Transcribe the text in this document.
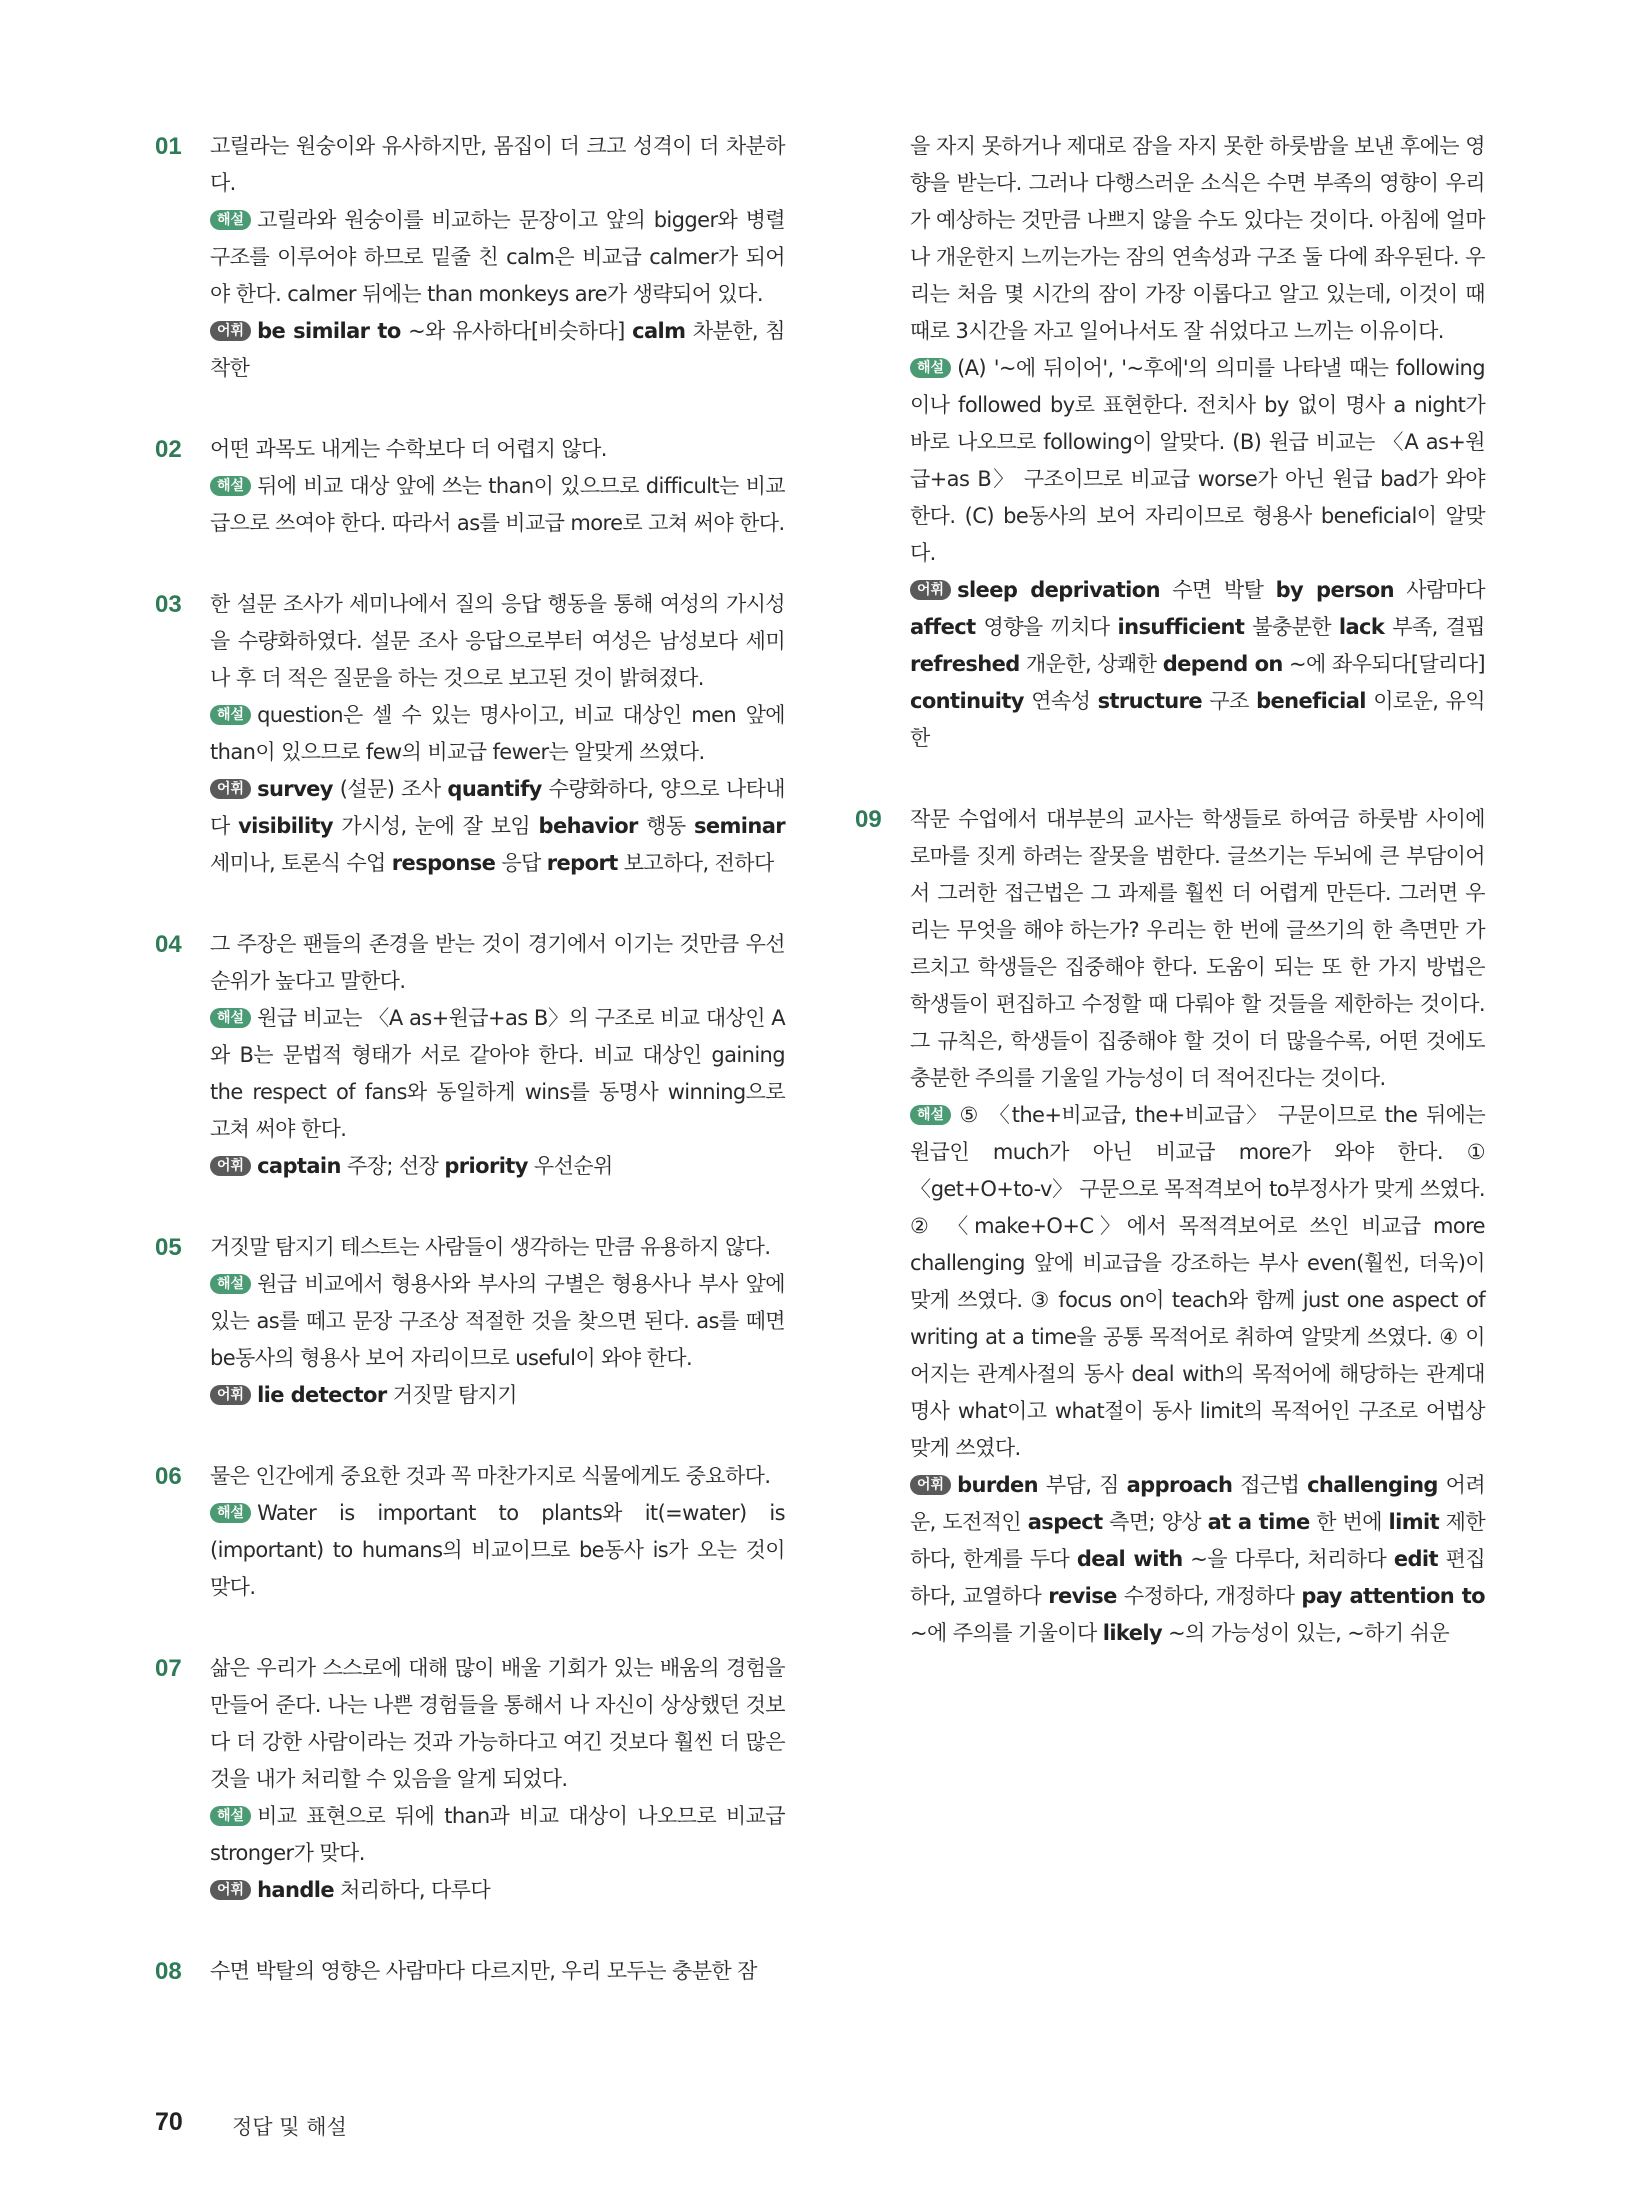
01 고릴라는 원숭이와 유사하지만, 몸집이 더 크고 성격이 더 차분하다.

해설 고릴라와 원숭이를 비교하는 문장이고 앞의 bigger와 병렬 구조를 이루어야 하므로 밑줄 친 calm은 비교급 calmer가 되어야 한다. calmer 뒤에는 than monkeys are가 생략되어 있다.

어휘 be similar to ~와 유사하다[비슷하다] calm 차분한, 침착한

02 어떤 과목도 내게는 수학보다 더 어렵지 않다.

해설 뒤에 비교 대상 앞에 쓰는 than이 있으므로 difficult는 비교급으로 쓰여야 한다. 따라서 as를 비교급 more로 고쳐 써야 한다.

03 한 설문 조사가 세미나에서 질의 응답 행동을 통해 여성의 가시성을 수량화하였다. 설문 조사 응답으로부터 여성은 남성보다 세미나 후 더 적은 질문을 하는 것으로 보고된 것이 밝혀졌다.

해설 question은 셀 수 있는 명사이고, 비교 대상인 men 앞에 than이 있으므로 few의 비교급 fewer는 알맞게 쓰였다.

어휘 survey (설문) 조사 quantify 수량화하다, 양으로 나타내다 visibility 가시성, 눈에 잘 보임 behavior 행동 seminar 세미나, 토론식 수업 response 응답 report 보고하다, 전하다

04 그 주장은 팬들의 존경을 받는 것이 경기에서 이기는 것만큼 우선순위가 높다고 말한다.

해설 원급 비교는 〈A as+원급+as B〉의 구조로 비교 대상인 A와 B는 문법적 형태가 서로 같아야 한다. 비교 대상인 gaining the respect of fans와 동일하게 wins를 동명사 winning으로 고쳐 써야 한다.

어휘 captain 주장; 선장 priority 우선순위

05 거짓말 탐지기 테스트는 사람들이 생각하는 만큼 유용하지 않다.

해설 원급 비교에서 형용사와 부사의 구별은 형용사나 부사 앞에 있는 as를 떼고 문장 구조상 적절한 것을 찾으면 된다. as를 떼면 be동사의 형용사 보어 자리이므로 useful이 와야 한다.

어휘 lie detector 거짓말 탐지기

06 물은 인간에게 중요한 것과 꼭 마찬가지로 식물에게도 중요하다.

해설 Water is important to plants와 it(=water) is (important) to humans의 비교이므로 be동사 is가 오는 것이 맞다.

07 삶은 우리가 스스로에 대해 많이 배울 기회가 있는 배움의 경험을 만들어 준다. 나는 나쁜 경험들을 통해서 나 자신이 상상했던 것보다 더 강한 사람이라는 것과 가능하다고 여긴 것보다 훨씬 더 많은 것을 내가 처리할 수 있음을 알게 되었다.

해설 비교 표현으로 뒤에 than과 비교 대상이 나오므로 비교급 stronger가 맞다.

어휘 handle 처리하다, 다루다

08 수면 박탈의 영향은 사람마다 다르지만, 우리 모두는 충분한 잠

을 자지 못하거나 제대로 잠을 자지 못한 하룻밤을 보낸 후에는 영향을 받는다. 그러나 다행스러운 소식은 수면 부족의 영향이 우리가 예상하는 것만큼 나쁘지 않을 수도 있다는 것이다. 아침에 얼마나 개운한지 느끼는가는 잠의 연속성과 구조 둘 다에 좌우된다. 우리는 처음 몇 시간의 잠이 가장 이롭다고 알고 있는데, 이것이 때때로 3시간을 자고 일어나서도 잘 쉬었다고 느끼는 이유이다.

해설 (A) '~에 뒤이어', '~후에'의 의미를 나타낼 때는 following이나 followed by로 표현한다. 전치사 by 없이 명사 a night가 바로 나오므로 following이 알맞다. (B) 원급 비교는 〈A as+원급+as B〉 구조이므로 비교급 worse가 아닌 원급 bad가 와야 한다. (C) be동사의 보어 자리이므로 형용사 beneficial이 알맞다.

어휘 sleep deprivation 수면 박탈 by person 사람마다 affect 영향을 끼치다 insufficient 불충분한 lack 부족, 결핍 refreshed 개운한, 상쾌한 depend on ~에 좌우되다[달리다] continuity 연속성 structure 구조 beneficial 이로운, 유익한

09 작문 수업에서 대부분의 교사는 학생들로 하여금 하룻밤 사이에 로마를 짓게 하려는 잘못을 범한다. 글쓰기는 두뇌에 큰 부담이어서 그러한 접근법은 그 과제를 훨씬 더 어렵게 만든다. 그러면 우리는 무엇을 해야 하는가? 우리는 한 번에 글쓰기의 한 측면만 가르치고 학생들은 집중해야 한다. 도움이 되는 또 한 가지 방법은 학생들이 편집하고 수정할 때 다뤄야 할 것들을 제한하는 것이다. 그 규칙은, 학생들이 집중해야 할 것이 더 많을수록, 어떤 것에도 충분한 주의를 기울일 가능성이 더 적어진다는 것이다.

해설 ⑤ 〈the+비교급, the+비교급〉 구문이므로 the 뒤에는 원급인 much가 아닌 비교급 more가 와야 한다. ① 〈get+O+to-v〉 구문으로 목적격보어 to부정사가 맞게 쓰였다. ② 〈make+O+C〉에서 목적격보어로 쓰인 비교급 more challenging 앞에 비교급을 강조하는 부사 even(훨씬, 더욱)이 맞게 쓰였다. ③ focus on이 teach와 함께 just one aspect of writing at a time을 공통 목적어로 취하여 알맞게 쓰였다. ④ 이어지는 관계사절의 동사 deal with의 목적어에 해당하는 관계대명사 what이고 what절이 동사 limit의 목적어인 구조로 어법상 맞게 쓰였다.

어휘 burden 부담, 짐 approach 접근법 challenging 어려운, 도전적인 aspect 측면; 양상 at a time 한 번에 limit 제한하다, 한계를 두다 deal with ~을 다루다, 처리하다 edit 편집하다, 교열하다 revise 수정하다, 개정하다 pay attention to ~에 주의를 기울이다 likely ~의 가능성이 있는, ~하기 쉬운

70 정답 및 해설
